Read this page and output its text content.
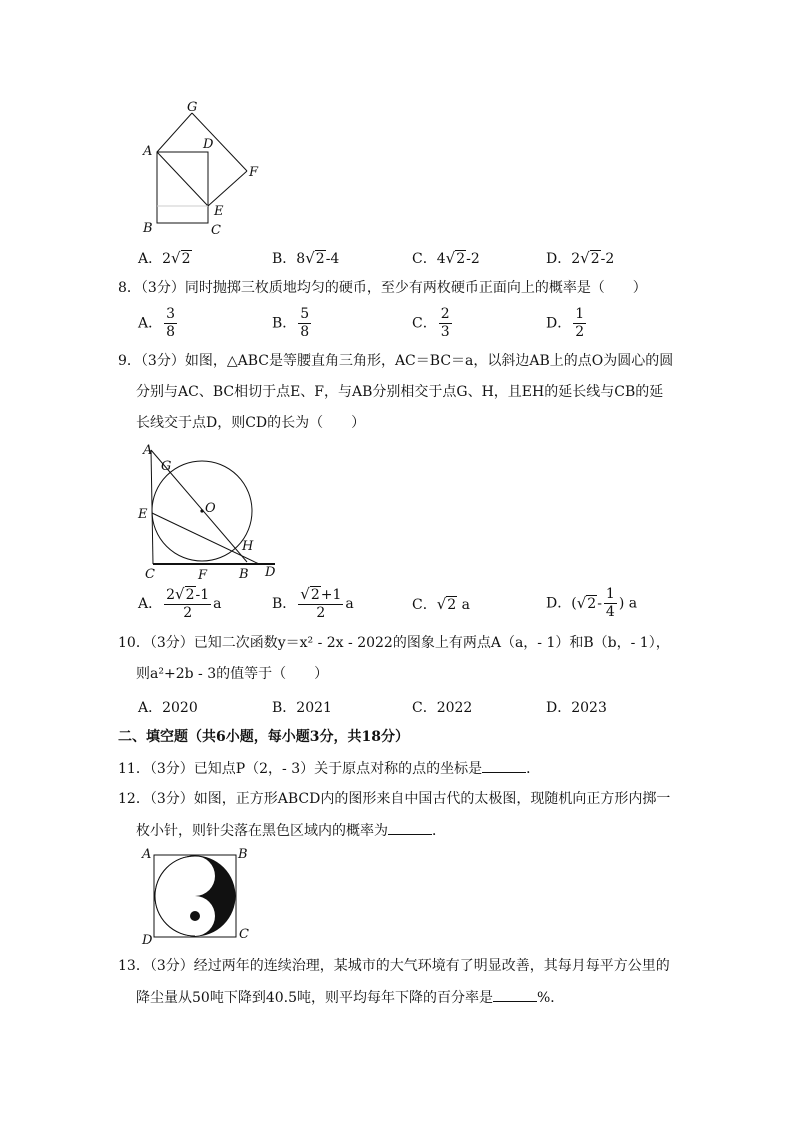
G
A	D
F
E
B	C
A．2√2	B．8√2-4	C．4√2-2	D．2√2-2
8．（3分）同时抛掷三枚质地均匀的硬币，至少有两枚硬币正面向上的概率是（　　）
A． $\frac{3}{8}$	B． $\frac{5}{8}$	C． $\frac{2}{3}$	D． $\frac{1}{2}$
9．（3分）如图，△ABC是等腰直角三角形，AC＝BC＝a，以斜边AB上的点O为圆心的圆
分别与AC、BC相切于点E、F，与AB分别相交于点G、H，且EH的延长线与CB的延
长线交于点D，则CD的长为（　　）
A
G
O
E
H
C	F B D
A． $\frac{2√2-1}{2}$ a	B． $\frac{√2+1}{2}$ a	C．√2 a	D．($√2- \frac{1}{4}$ ) a
10．（3分）已知二次函数y＝x² - 2x - 2022的图象上有两点A（a，- 1）和B（b，- 1），
则a²+2b - 3的值等于（　　）
A．2020	B．2021	C．2022	D．2023
二、填空题（共6小题，每小题3分，共18分）
11．（3分）已知点P（2，- 3）关于原点对称的点的坐标是	．
12．（3分）如图，正方形ABCD内的图形来自中国古代的太极图，现随机向正方形内掷一
枚小针，则针尖落在黑色区域内的概率为	．
A	B
D	C
13．（3分）经过两年的连续治理，某城市的大气环境有了明显改善，其每月每平方公里的
降尘量从50吨下降到40.5吨，则平均每年下降的百分率是	%．
